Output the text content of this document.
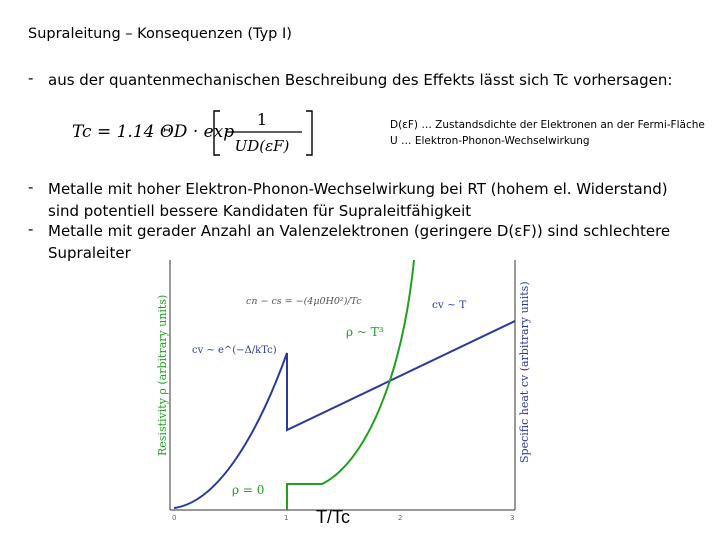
Supraleitung – Konsequenzen (Typ I)
- aus der quantenmechanischen Beschreibung des Effekts lässt sich Tc vorhersagen:
Tc = 1.14 ΘD · exp
1
UD(εF)
D(εF) … Zustandsdichte der Elektronen an der Fermi-Fläche
U … Elektron-Phonon-Wechselwirkung
- Metalle mit hoher Elektron-Phonon-Wechselwirkung bei RT (hohem el. Widerstand) sind potentiell bessere Kandidaten für Supraleitfähigkeit
- Metalle mit gerader Anzahl an Valenzelektronen (geringere D(εF)) sind schlechtere Supraleiter
0	1	2	3
Resistivity ρ (arbitrary units)	Specific heat cv (arbitrary units)
cn − cs = −(4μ0H0²)/Tc
cv ~ e^(−Δ/kTc)
cv ~ T
ρ ~ T³
ρ = 0
T/Tc
